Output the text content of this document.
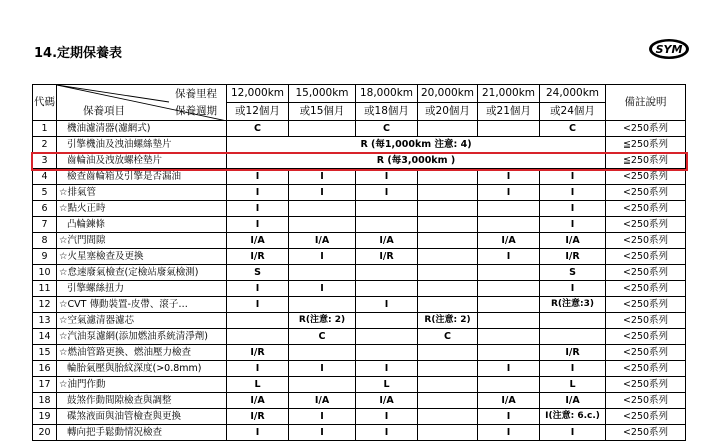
14.定期保養表	SYM
代碼	保養里程
保養週期
保養項目	12,000km	15,000km	18,000km	20,000km	21,000km	24,000km	備註說明
		或12個月	或15個月	或18個月	或20個月	或21個月	或24個月	
1	機油濾清器(濾網式)	C		C			C	<250系列
2	引擎機油及洩油螺絲墊片	R (每1,000km 注意: 4)						≦250系列
3	齒輪油及洩放螺栓墊片	R (每3,000km )						≦250系列
4	檢查齒輪箱及引擎是否漏油	I	I	I		I	I	<250系列
5	☆排氣管	I	I	I		I	I	<250系列
6	☆點火正時	I					I	<250系列
7	凸輪鍊條	I					I	<250系列
8	☆汽門間隙	I/A	I/A	I/A		I/A	I/A	<250系列
9	☆火星塞檢查及更換	I/R	I	I/R		I	I/R	<250系列
10	☆怠速廢氣檢查(定檢站廢氣檢測)	S					S	<250系列
11	引擎螺絲扭力	I	I				I	<250系列
12	☆CVT 傳動裝置-皮帶、滾子…	I		I			R(注意:3)	<250系列
13	☆空氣濾清器濾芯		R(注意: 2)		R(注意: 2)			<250系列
14	☆汽油泵濾網(添加燃油系統清淨劑)		C		C			<250系列
15	☆燃油管路更換、燃油壓力檢查	I/R					I/R	<250系列
16	輪胎氣壓與胎紋深度(>0.8mm)	I	I	I		I	I	<250系列
17	☆油門作動	L		L			L	<250系列
18	鼓煞作動間隙檢查與調整	I/A	I/A	I/A		I/A	I/A	<250系列
19	碟煞液面與油管檢查與更換	I/R	I	I		I	I(注意: 6.c.)	<250系列
20	轉向把手鬆動情況檢查	I	I	I		I	I	<250系列
